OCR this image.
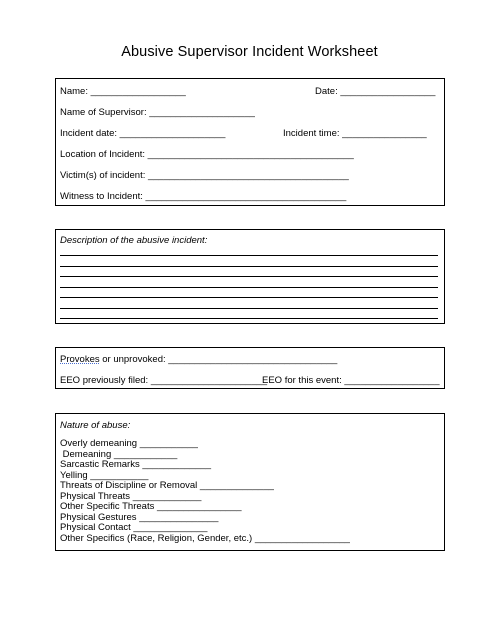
Abusive Supervisor Incident Worksheet
Name: __________________	Date: __________________
Name of Supervisor: ____________________
Incident date: ____________________	Incident time: ________________
Location of Incident: _______________________________________
Victim(s) of incident: ______________________________________
Witness to Incident: ______________________________________
Description of the abusive incident:
Provokes or unprovoked: ________________________________
EEO previously filed: ______________________
EEO for this event: __________________
Nature of abuse:
Overly demeaning ___________
Demeaning ____________
Sarcastic Remarks _____________
Yelling ___________
Threats of Discipline or Removal ______________
Physical Threats _____________
Other Specific Threats ________________
Physical Gestures _______________
Physical Contact ______________
Other Specifics (Race, Religion, Gender, etc.) __________________
